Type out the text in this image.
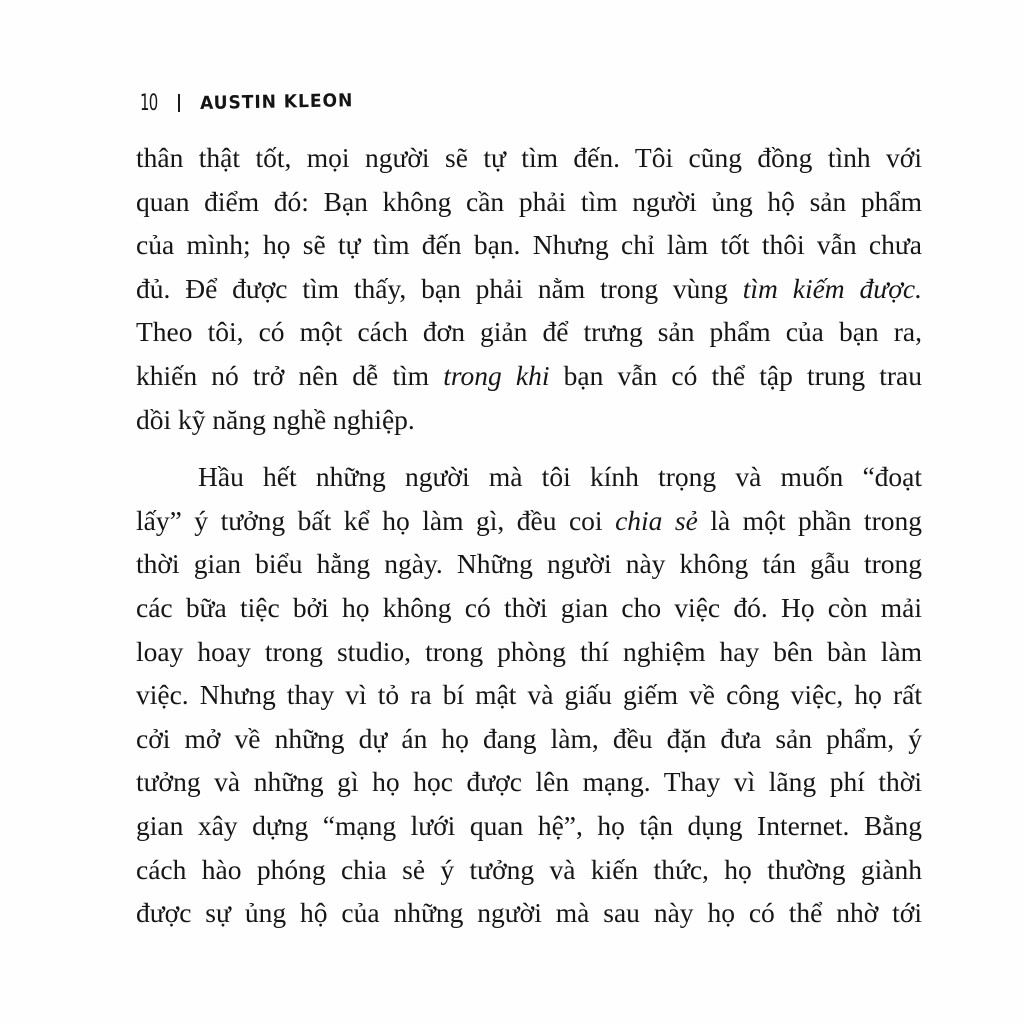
10 AUSTIN KLEON
thân thật tốt, mọi người sẽ tự tìm đến. Tôi cũng đồng tình với
quan điểm đó: Bạn không cần phải tìm người ủng hộ sản phẩm
của mình; họ sẽ tự tìm đến bạn. Nhưng chỉ làm tốt thôi vẫn chưa
đủ. Để được tìm thấy, bạn phải nằm trong vùng tìm kiếm được.
Theo tôi, có một cách đơn giản để trưng sản phẩm của bạn ra,
khiến nó trở nên dễ tìm trong khi bạn vẫn có thể tập trung trau
dồi kỹ năng nghề nghiệp.
Hầu hết những người mà tôi kính trọng và muốn “đoạt
lấy” ý tưởng bất kể họ làm gì, đều coi chia sẻ là một phần trong
thời gian biểu hằng ngày. Những người này không tán gẫu trong
các bữa tiệc bởi họ không có thời gian cho việc đó. Họ còn mải
loay hoay trong studio, trong phòng thí nghiệm hay bên bàn làm
việc. Nhưng thay vì tỏ ra bí mật và giấu giếm về công việc, họ rất
cởi mở về những dự án họ đang làm, đều đặn đưa sản phẩm, ý
tưởng và những gì họ học được lên mạng. Thay vì lãng phí thời
gian xây dựng “mạng lưới quan hệ”, họ tận dụng Internet. Bằng
cách hào phóng chia sẻ ý tưởng và kiến thức, họ thường giành
được sự ủng hộ của những người mà sau này họ có thể nhờ tới
